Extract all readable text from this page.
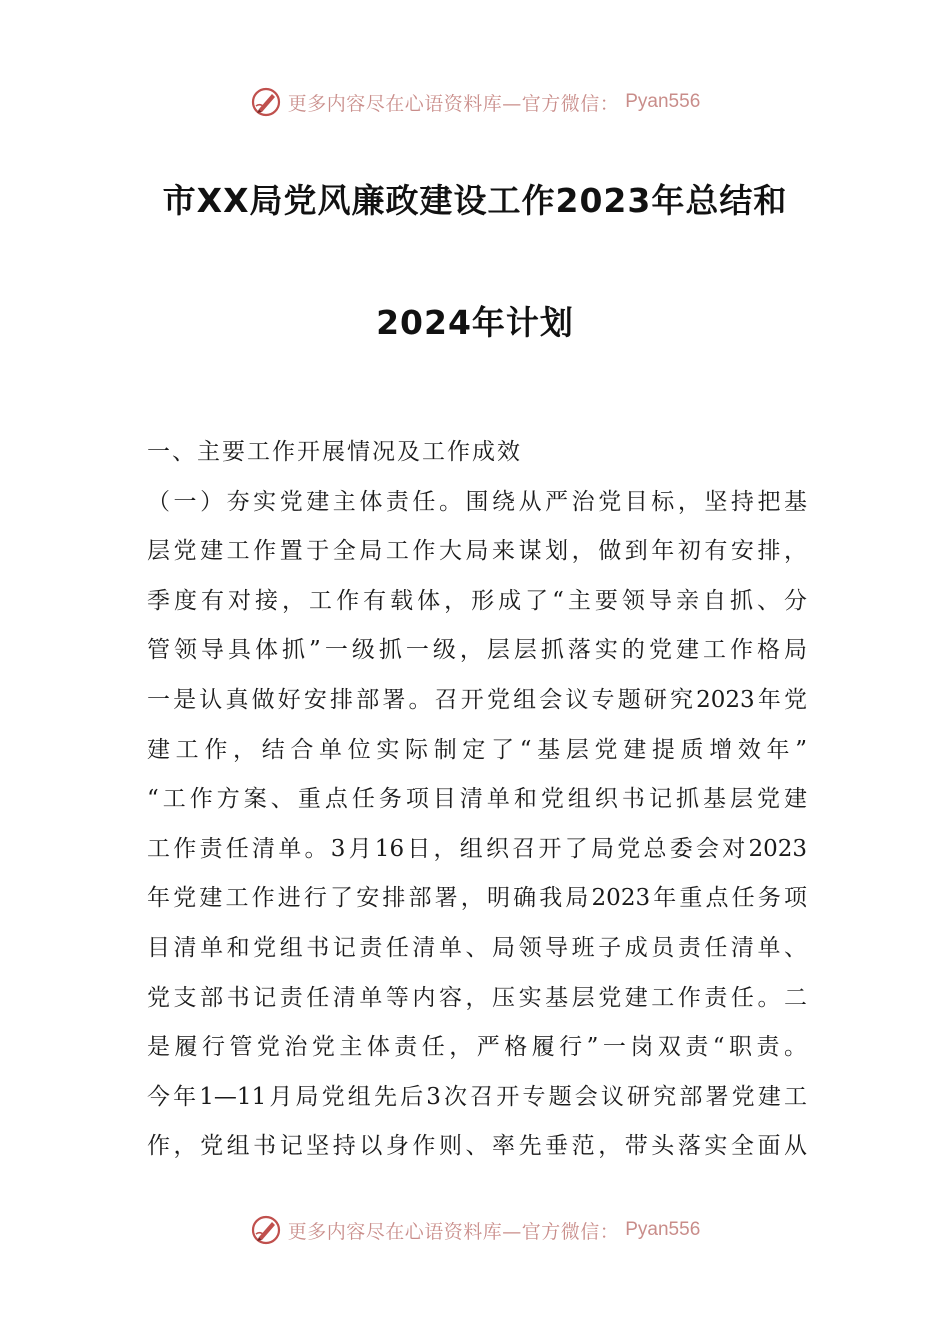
更多内容尽在心语资料库—官方微信： Pyan556
市XX局党风廉政建设工作2023年总结和
2024年计划
一、主要工作开展情况及工作成效
（一）夯实党建主体责任。围绕从严治党目标，坚持把基
层党建工作置于全局工作大局来谋划，做到年初有安排，
季度有对接，工作有载体，形成了“主要领导亲自抓、分
管领导具体抓”一级抓一级，层层抓落实的党建工作格局
一是认真做好安排部署。召开党组会议专题研究2023年党
建工作，结合单位实际制定了“基层党建提质增效年”
“工作方案、重点任务项目清单和党组织书记抓基层党建
工作责任清单。3月16日，组织召开了局党总委会对2023
年党建工作进行了安排部署，明确我局2023年重点任务项
目清单和党组书记责任清单、局领导班子成员责任清单、
党支部书记责任清单等内容，压实基层党建工作责任。二
是履行管党治党主体责任，严格履行”一岗双责“职责。
今年1—11月局党组先后3次召开专题会议研究部署党建工
作，党组书记坚持以身作则、率先垂范，带头落实全面从
更多内容尽在心语资料库—官方微信： Pyan556
